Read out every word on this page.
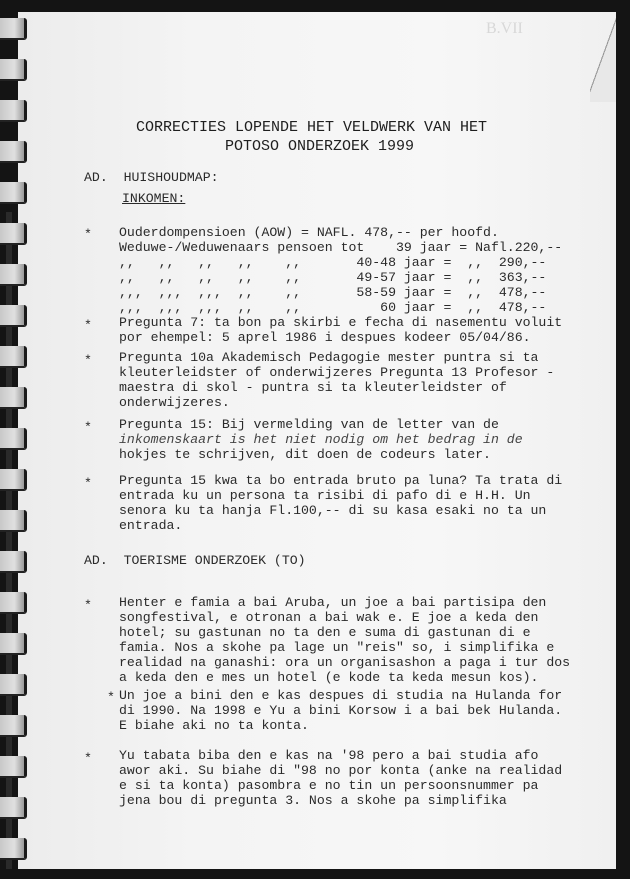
B.VII
CORRECTIES LOPENDE HET VELDWERK VAN HET
POTOSO ONDERZOEK 1999
AD.  HUISHOUDMAP:
INKOMEN:
* Ouderdompensioen (AOW) = NAFL. 478,-- per hoofd.
Weduwe-/Weduwenaars pensoen tot    39 jaar = Nafl.220,--
,,   ,,   ,,   ,,    ,,       40-48 jaar =  ,,  290,--
,,   ,,   ,,   ,,    ,,       49-57 jaar =  ,,  363,--
,,,  ,,,  ,,,  ,,    ,,       58-59 jaar =  ,,  478,--
,,,  ,,,  ,,,  ,,    ,,          60 jaar =  ,,  478,--
* Pregunta 7: ta bon pa skirbi e fecha di nasementu voluit
por ehempel: 5 aprel 1986 i despues kodeer 05/04/86.
* Pregunta 10a Akademisch Pedagogie mester puntra si ta
kleuterleidster of onderwijzeres Pregunta 13 Profesor -
maestra di skol - puntra si ta kleuterleidster of
onderwijzeres.
* Pregunta 15: Bij vermelding van de letter van de
inkomenskaart is het niet nodig om het bedrag in de
hokjes te schrijven, dit doen de codeurs later.
* Pregunta 15 kwa ta bo entrada bruto pa luna? Ta trata di
entrada ku un persona ta risibi di pafo di e H.H. Un
senora ku ta hanja Fl.100,-- di su kasa esaki no ta un
entrada.
AD.  TOERISME ONDERZOEK (TO)
* Henter e famia a bai Aruba, un joe a bai partisipa den
songfestival, e otronan a bai wak e. E joe a keda den
hotel; su gastunan no ta den e suma di gastunan di e
famia. Nos a skohe pa lage un "reis" so, i simplifika e
realidad na ganashi: ora un organisashon a paga i tur dos
a keda den e mes un hotel (e kode ta keda mesun kos).
* Un joe a bini den e kas despues di studia na Hulanda for
di 1990. Na 1998 e Yu a bini Korsow i a bai bek Hulanda.
E biahe aki no ta konta.
* Yu tabata biba den e kas na '98 pero a bai studia afo
awor aki. Su biahe di "98 no por konta (anke na realidad
e si ta konta) pasombra e no tin un persoonsnummer pa
jena bou di pregunta 3. Nos a skohe pa simplifika
